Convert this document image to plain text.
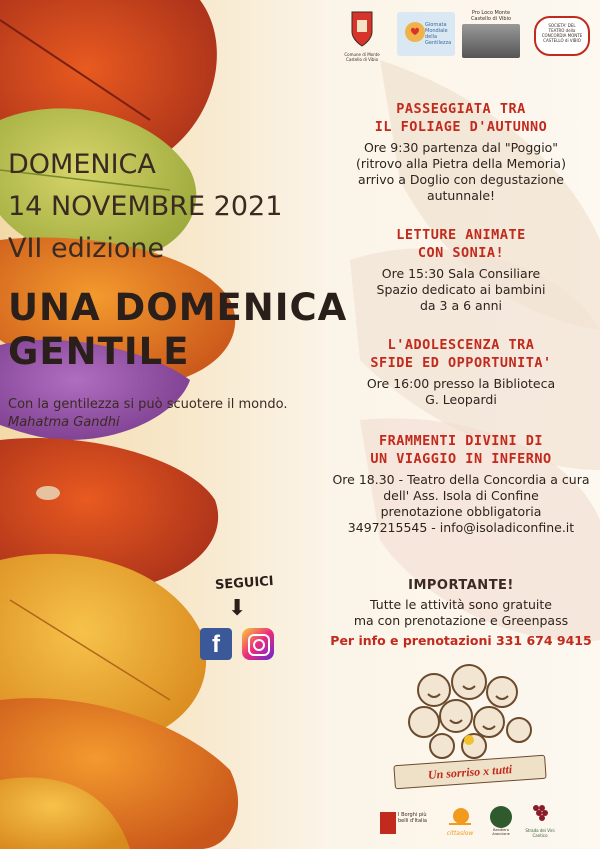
Comune di Monte Castello di Vibio
Giornata Mondiale della Gentilezza
Pro Loco Monte Castello di Vibio
SOCIETA' DEL TEATRO della CONCORDIA MONTE CASTELLO di VIBIO
DOMENICA
14 NOVEMBRE 2021
VII edizione
UNA DOMENICA
GENTILE
Con la gentilezza si può scuotere il mondo.
Mahatma Gandhi
SEGUICI
⬇
f
PASSEGGIATA TRA
IL FOLIAGE D'AUTUNNO
Ore 9:30 partenza dal "Poggio"
(ritrovo alla Pietra della Memoria)
arrivo a Doglio con degustazione
autunnale!
LETTURE ANIMATE
CON SONIA!
Ore 15:30 Sala Consiliare
Spazio dedicato ai bambini
da 3 a 6 anni
L'ADOLESCENZA TRA
SFIDE ED OPPORTUNITA'
Ore 16:00 presso la Biblioteca
G. Leopardi
FRAMMENTI DIVINI DI
UN VIAGGIO IN INFERNO
Ore 18.30 - Teatro della Concordia a cura
dell' Ass. Isola di Confine
prenotazione obbligatoria
3497215545 - info@isoladiconfine.it
IMPORTANTE!
Tutte le attività sono gratuite
ma con prenotazione e Greenpass
Per info e prenotazioni 331 674 9415
Un sorriso x tutti
I Borghi più belli d'Italia
cittaslow	Bandiera Arancione
Strada dei Vini Cantico
